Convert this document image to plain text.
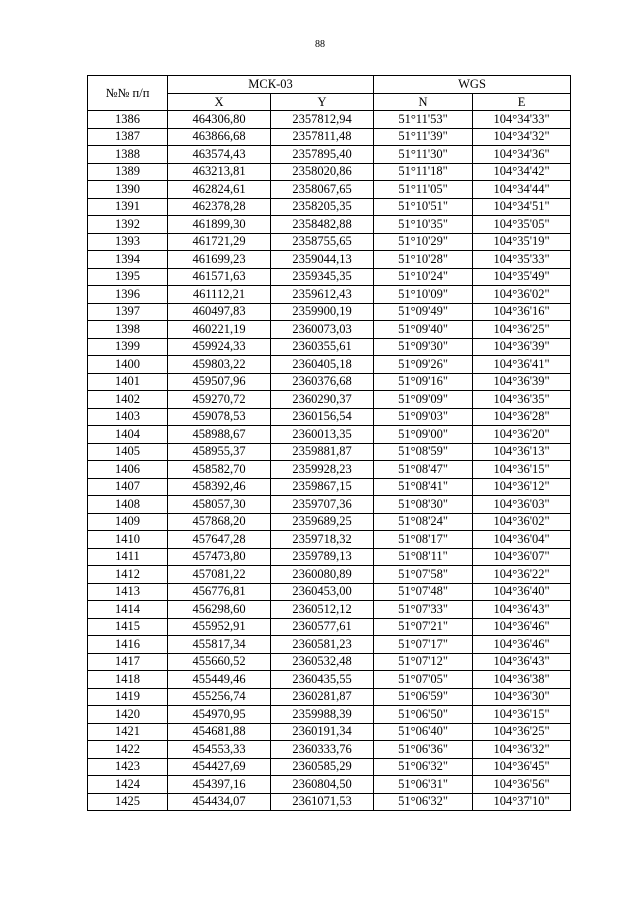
88
№№ п/п	МСК-03		WGS	
	X	Y	N	E
1386	464306,80	2357812,94	51°11'53"	104°34'33"
1387	463866,68	2357811,48	51°11'39"	104°34'32"
1388	463574,43	2357895,40	51°11'30"	104°34'36"
1389	463213,81	2358020,86	51°11'18"	104°34'42"
1390	462824,61	2358067,65	51°11'05"	104°34'44"
1391	462378,28	2358205,35	51°10'51"	104°34'51"
1392	461899,30	2358482,88	51°10'35"	104°35'05"
1393	461721,29	2358755,65	51°10'29"	104°35'19"
1394	461699,23	2359044,13	51°10'28"	104°35'33"
1395	461571,63	2359345,35	51°10'24"	104°35'49"
1396	461112,21	2359612,43	51°10'09"	104°36'02"
1397	460497,83	2359900,19	51°09'49"	104°36'16"
1398	460221,19	2360073,03	51°09'40"	104°36'25"
1399	459924,33	2360355,61	51°09'30"	104°36'39"
1400	459803,22	2360405,18	51°09'26"	104°36'41"
1401	459507,96	2360376,68	51°09'16"	104°36'39"
1402	459270,72	2360290,37	51°09'09"	104°36'35"
1403	459078,53	2360156,54	51°09'03"	104°36'28"
1404	458988,67	2360013,35	51°09'00"	104°36'20"
1405	458955,37	2359881,87	51°08'59"	104°36'13"
1406	458582,70	2359928,23	51°08'47"	104°36'15"
1407	458392,46	2359867,15	51°08'41"	104°36'12"
1408	458057,30	2359707,36	51°08'30"	104°36'03"
1409	457868,20	2359689,25	51°08'24"	104°36'02"
1410	457647,28	2359718,32	51°08'17"	104°36'04"
1411	457473,80	2359789,13	51°08'11"	104°36'07"
1412	457081,22	2360080,89	51°07'58"	104°36'22"
1413	456776,81	2360453,00	51°07'48"	104°36'40"
1414	456298,60	2360512,12	51°07'33"	104°36'43"
1415	455952,91	2360577,61	51°07'21"	104°36'46"
1416	455817,34	2360581,23	51°07'17"	104°36'46"
1417	455660,52	2360532,48	51°07'12"	104°36'43"
1418	455449,46	2360435,55	51°07'05"	104°36'38"
1419	455256,74	2360281,87	51°06'59"	104°36'30"
1420	454970,95	2359988,39	51°06'50"	104°36'15"
1421	454681,88	2360191,34	51°06'40"	104°36'25"
1422	454553,33	2360333,76	51°06'36"	104°36'32"
1423	454427,69	2360585,29	51°06'32"	104°36'45"
1424	454397,16	2360804,50	51°06'31"	104°36'56"
1425	454434,07	2361071,53	51°06'32"	104°37'10"
